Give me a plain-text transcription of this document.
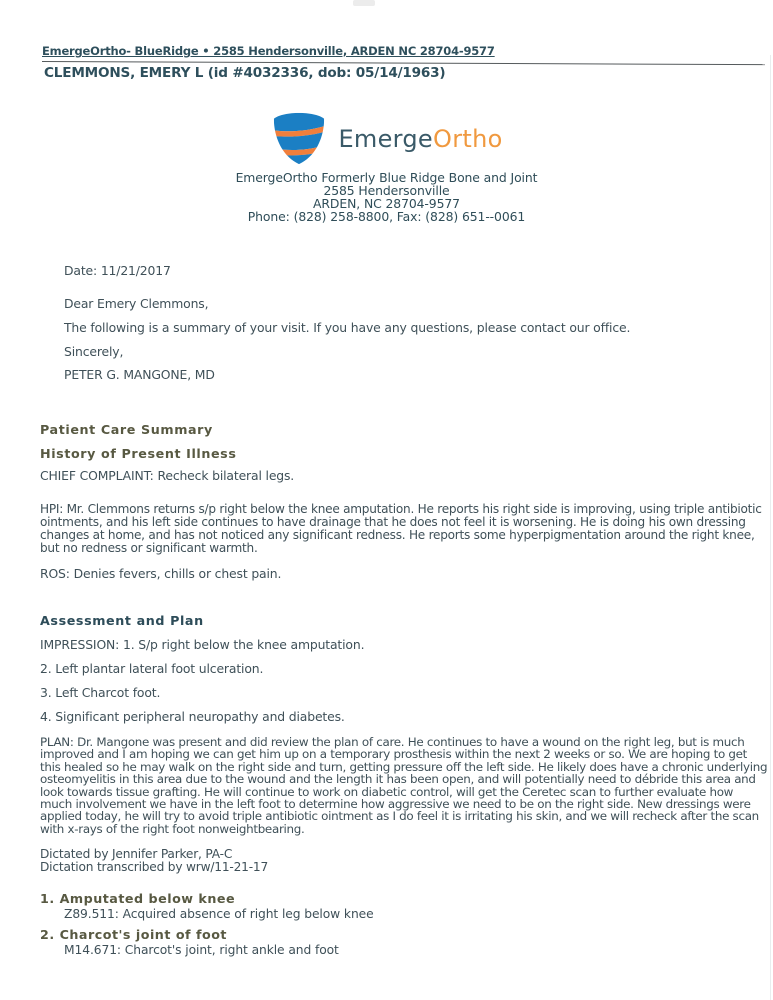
EmergeOrtho- BlueRidge • 2585 Hendersonville, ARDEN NC 28704-9577
CLEMMONS, EMERY L (id #4032336, dob: 05/14/1963)
EmergeOrtho
EmergeOrtho Formerly Blue Ridge Bone and Joint
2585 Hendersonville
ARDEN, NC 28704-9577
Phone: (828) 258-8800, Fax: (828) 651--0061
Date: 11/21/2017
Dear Emery Clemmons,
The following is a summary of your visit. If you have any questions, please contact our office.
Sincerely,
PETER G. MANGONE, MD
Patient Care Summary
History of Present Illness
CHIEF COMPLAINT: Recheck bilateral legs.
HPI: Mr. Clemmons returns s/p right below the knee amputation. He reports his right side is improving, using triple antibiotic ointments, and his left side continues to have drainage that he does not feel it is worsening. He is doing his own dressing changes at home, and has not noticed any significant redness. He reports some hyperpigmentation around the right knee, but no redness or significant warmth.
ROS: Denies fevers, chills or chest pain.
Assessment and Plan
IMPRESSION: 1. S/p right below the knee amputation.
2. Left plantar lateral foot ulceration.
3. Left Charcot foot.
4. Significant peripheral neuropathy and diabetes.
PLAN: Dr. Mangone was present and did review the plan of care. He continues to have a wound on the right leg, but is much improved and I am hoping we can get him up on a temporary prosthesis within the next 2 weeks or so. We are hoping to get this healed so he may walk on the right side and turn, getting pressure off the left side. He likely does have a chronic underlying osteomyelitis in this area due to the wound and the length it has been open, and will potentially need to débride this area and look towards tissue grafting. He will continue to work on diabetic control, will get the Ceretec scan to further evaluate how much involvement we have in the left foot to determine how aggressive we need to be on the right side. New dressings were applied today, he will try to avoid triple antibiotic ointment as I do feel it is irritating his skin, and we will recheck after the scan with x-rays of the right foot nonweightbearing.
Dictated by Jennifer Parker, PA-C
Dictation transcribed by wrw/11-21-17
1. Amputated below knee
Z89.511: Acquired absence of right leg below knee
2. Charcot's joint of foot
M14.671: Charcot's joint, right ankle and foot
